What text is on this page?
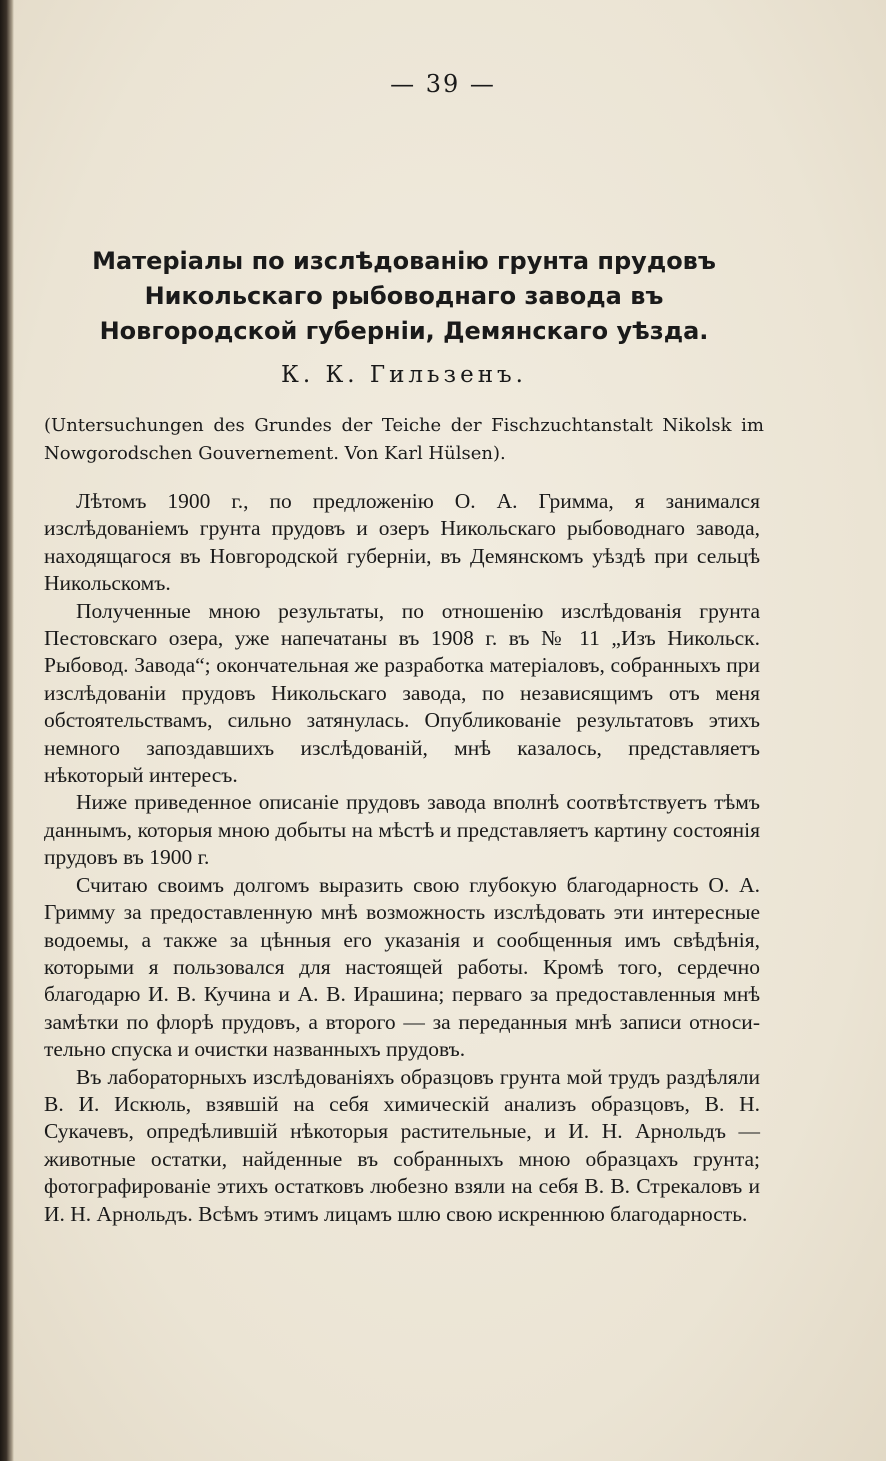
— 39 —
Матеріалы по изслѣдованію грунта прудовъ Никольскаго рыбоводнаго завода въ Новгородской губерніи, Демянскаго уѣзда.

К. К. Гильзенъ.

(Untersuchungen des Grundes der Teiche der Fischzuchtanstalt Nikolsk im Nowgorodschen Gouvernement. Von Karl Hülsen).

Лѣтомъ 1900 г., по предложенію О. А. Гримма, я занимался изслѣдованіемъ грунта прудовъ и озеръ Никольскаго рыбоводнаго завода, находящагося въ Новгородской губерніи, въ Демянскомъ уѣздѣ при сельцѣ Никольскомъ.

Полученные мною результаты, по отношенію изслѣдованія грунта Пестовскаго озера, уже напечатаны въ 1908 г. въ № 11 „Изъ Никольск. Рыбовод. Завода“; окончательная же разработка матеріаловъ, собранныхъ при изслѣдованіи прудовъ Никольскаго завода, по независящимъ отъ меня обстоятельствамъ, сильно затянулась. Опубликованіе результатовъ этихъ немного запоздавшихъ изслѣдованій, мнѣ казалось, представляетъ нѣкоторый интересъ.

Ниже приведенное описаніе прудовъ завода вполнѣ соотвѣтствуетъ тѣмъ даннымъ, которыя мною добыты на мѣстѣ и представляетъ картину состоянія прудовъ въ 1900 г.

Считаю своимъ долгомъ выразить свою глубокую благодарность О. А. Гримму за предоставленную мнѣ возможность изслѣдовать эти интересные водоемы, а также за цѣнныя его указанія и сообщенныя имъ свѣдѣнія, которыми я пользовался для настоящей работы. Кромѣ того, сердечно благодарю И. В. Кучина и А. В. Ирашина; перваго за предоставленныя мнѣ замѣтки по флорѣ прудовъ, а второго — за переданныя мнѣ записи относительно спуска и очистки названныхъ прудовъ.

Въ лабораторныхъ изслѣдованіяхъ образцовъ грунта мой трудъ раздѣляли В. И. Искюль, взявшій на себя химическій анализъ образцовъ, В. Н. Сукачевъ, опредѣлившій нѣкоторыя растительные, и И. Н. Арнольдъ — животные остатки, найденные въ собранныхъ мною образцахъ грунта; фотографированіе этихъ остатковъ любезно взяли на себя В. В. Стрекаловъ и И. Н. Арнольдъ. Всѣмъ этимъ лицамъ шлю свою искреннюю благодарность.
